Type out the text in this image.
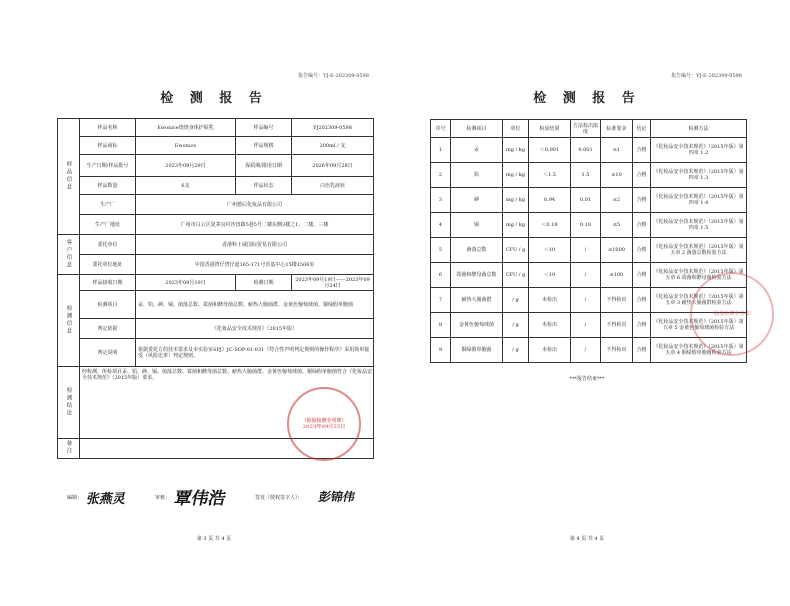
报告编号：YJ-E-202309-0598
检 测 报 告
样品信息	样品名称	Ewonice烧烧身体护肤乳	样品编号	YJ202309-0598
	样品商标	Ewonice	样品规格	200ml / 支
	生产日期/样品批号	2023年09月29日	保质期/限用日期	2026年09月28日
	样品数量	6支	样品状态	白色乳液状
	生产厂	广州德后化妆品有限公司		
	生产厂地址	广州市白云区夏茅良村沙田路5巷5号二楼东侧3楼之1、二楼、三楼		

客户信息	委托单位	香港科士威国际贸易有限公司		
	委托单位地址	中国香港湾仔湾仔道165-171号乐基中心15楼1506室		
检测信息	样品接收日期	2023年09月19日	检测日期	2023年09月19日——2023年09月24日
	检测项目	汞、铅、砷、镉、菌落总数、霉菌和酵母菌总数、耐热大肠菌群、金黄色葡萄球菌、铜绿假单胞菌		
	判定依据	《化妆品安全技术规范》（2015年版）		
	判定说明	依据委托方的技术要求及本实验室SPJ）JC-SOP-01-031《符合性声明判定规则的操作程序》采用简单接受（风险比率）判定规则。		

检测结论	经检测，所检项目汞、铅、砷、镉、菌落总数、霉菌和酵母菌总数、耐热大肠菌群、金黄色葡萄球菌、铜绿假单胞菌符合《化妆品安全技术规范》（2015年版）要求。			
备注				
（检验检测专用章）
2023年09月25日
编制： 张燕灵	审核： 覃伟浩	签发（授权签字人）： 彭锦伟
第 3 页 共 4 页
报告编号：YJ-E-202309-0598
检 测 报 告
序号	检测项目	单位	检验结果	方法检出浓度	标准要求	结论	检测方法
1	汞	mg / kg	＜0.001	0.001	≤1	合格	《化妆品安全技术规范》（2015年版）第四章 1.2
2	铅	mg / kg	＜1.5	1.5	≤10	合格	《化妆品安全技术规范》（2015年版）第四章 1.3
3	砷	mg / kg	0.94	0.01	≤2	合格	《化妆品安全技术规范》（2015年版）第四章 1.4
4	镉	mg / kg	＜0.18	0.18	≤5	合格	《化妆品安全技术规范》（2015年版）第四章 1.5
5	菌落总数	CFU / g	＜10	/	≤1000	合格	《化妆品安全技术规范》（2015年版）第五章 2 菌落总数检验方法
6	霉菌和酵母菌总数	CFU / g	＜10	/	≤100	合格	《化妆品安全技术规范》（2015年版）第五章 6 霉菌和酵母菌检验方法
7	耐热大肠菌群	/ g	未检出	/	不得检出	合格	《化妆品安全技术规范》（2015年版）第五章 3 耐热大肠菌群检验方法
8	金黄色葡萄球菌	/ g	未检出	/	不得检出	合格	《化妆品安全技术规范》（2015年版）第五章 5 金黄色葡萄球菌检验方法
9	铜绿假单胞菌	/ g	未检出	/	不得检出	合格	《化妆品安全技术规范》（2015年版）第五章 4 铜绿假单胞菌检验方法
（检验检测专用章）
***报告结束***
第 4 页 共 4 页
